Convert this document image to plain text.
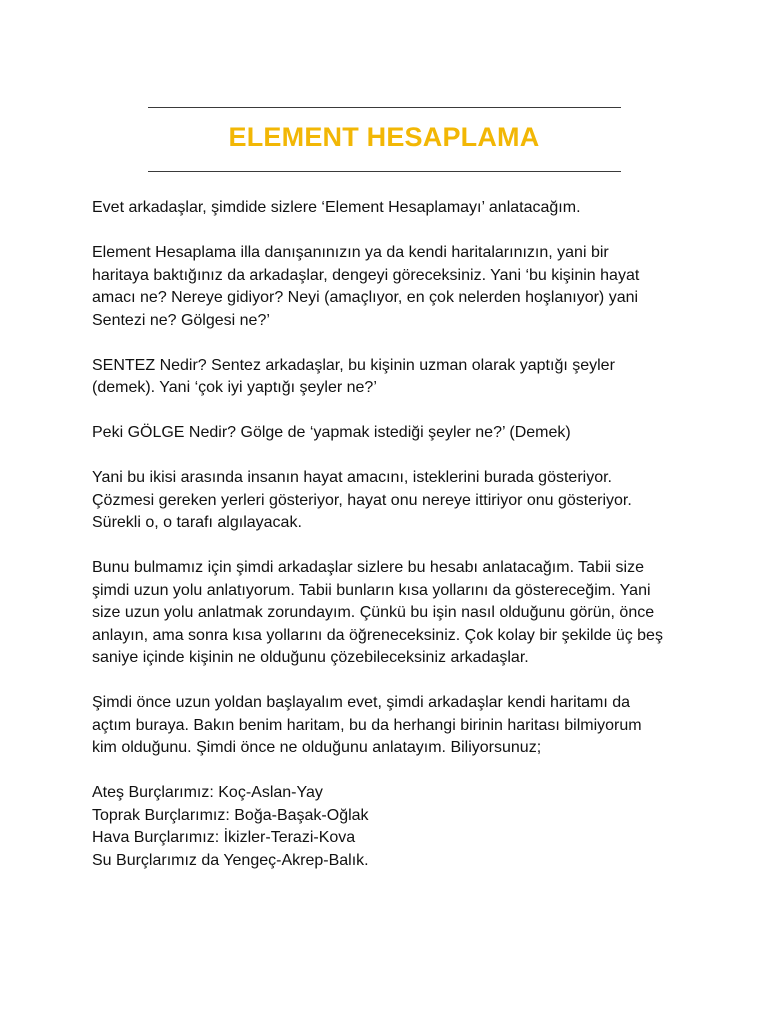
ELEMENT HESAPLAMA

Evet arkadaşlar, şimdide sizlere ‘Element Hesaplamayı’ anlatacağım.

Element Hesaplama illa danışanınızın ya da kendi haritalarınızın, yani bir
haritaya baktığınız da arkadaşlar, dengeyi göreceksiniz. Yani ‘bu kişinin hayat
amacı ne? Nereye gidiyor? Neyi (amaçlıyor, en çok nelerden hoşlanıyor) yani
Sentezi ne? Gölgesi ne?’

SENTEZ Nedir? Sentez arkadaşlar, bu kişinin uzman olarak yaptığı şeyler
(demek). Yani ‘çok iyi yaptığı şeyler ne?’

Peki GÖLGE Nedir? Gölge de ‘yapmak istediği şeyler ne?’ (Demek)

Yani bu ikisi arasında insanın hayat amacını, isteklerini burada gösteriyor.
Çözmesi gereken yerleri gösteriyor, hayat onu nereye ittiriyor onu gösteriyor.
Sürekli o, o tarafı algılayacak.

Bunu bulmamız için şimdi arkadaşlar sizlere bu hesabı anlatacağım. Tabii size
şimdi uzun yolu anlatıyorum. Tabii bunların kısa yollarını da göstereceğim. Yani
size uzun yolu anlatmak zorundayım. Çünkü bu işin nasıl olduğunu görün, önce
anlayın, ama sonra kısa yollarını da öğreneceksiniz. Çok kolay bir şekilde üç beş
saniye içinde kişinin ne olduğunu çözebileceksiniz arkadaşlar.

Şimdi önce uzun yoldan başlayalım evet, şimdi arkadaşlar kendi haritamı da
açtım buraya. Bakın benim haritam, bu da herhangi birinin haritası bilmiyorum
kim olduğunu. Şimdi önce ne olduğunu anlatayım. Biliyorsunuz;

Ateş Burçlarımız: Koç-Aslan-Yay
Toprak Burçlarımız: Boğa-Başak-Oğlak
Hava Burçlarımız: İkizler-Terazi-Kova
Su Burçlarımız da Yengeç-Akrep-Balık.
